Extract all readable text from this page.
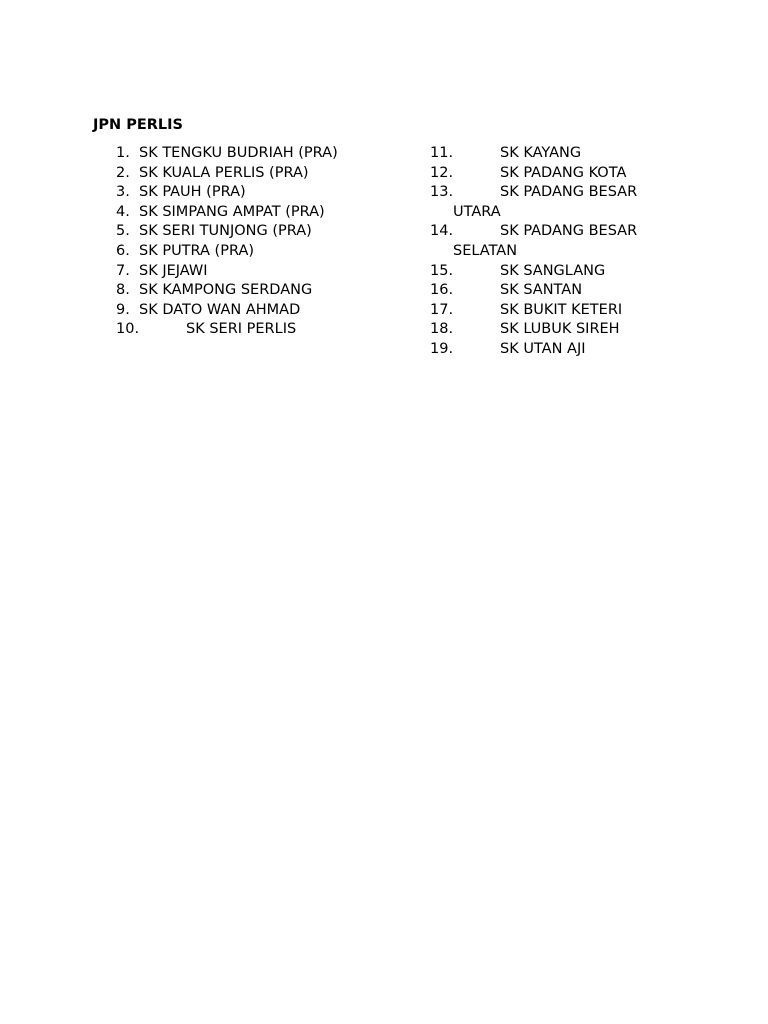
JPN PERLIS
1. SK TENGKU BUDRIAH (PRA)
2. SK KUALA PERLIS (PRA)
3. SK PAUH (PRA)
4. SK SIMPANG AMPAT (PRA)
5. SK SERI TUNJONG (PRA)
6. SK PUTRA (PRA)
7. SK JEJAWI
8. SK KAMPONG SERDANG
9. SK DATO WAN AHMAD
10.	SK SERI PERLIS
11.	SK KAYANG
12.	SK PADANG KOTA
13.	SK PADANG BESAR
UTARA
14.	SK PADANG BESAR
SELATAN
15.	SK SANGLANG
16.	SK SANTAN
17.	SK BUKIT KETERI
18.	SK LUBUK SIREH
19.	SK UTAN AJI
